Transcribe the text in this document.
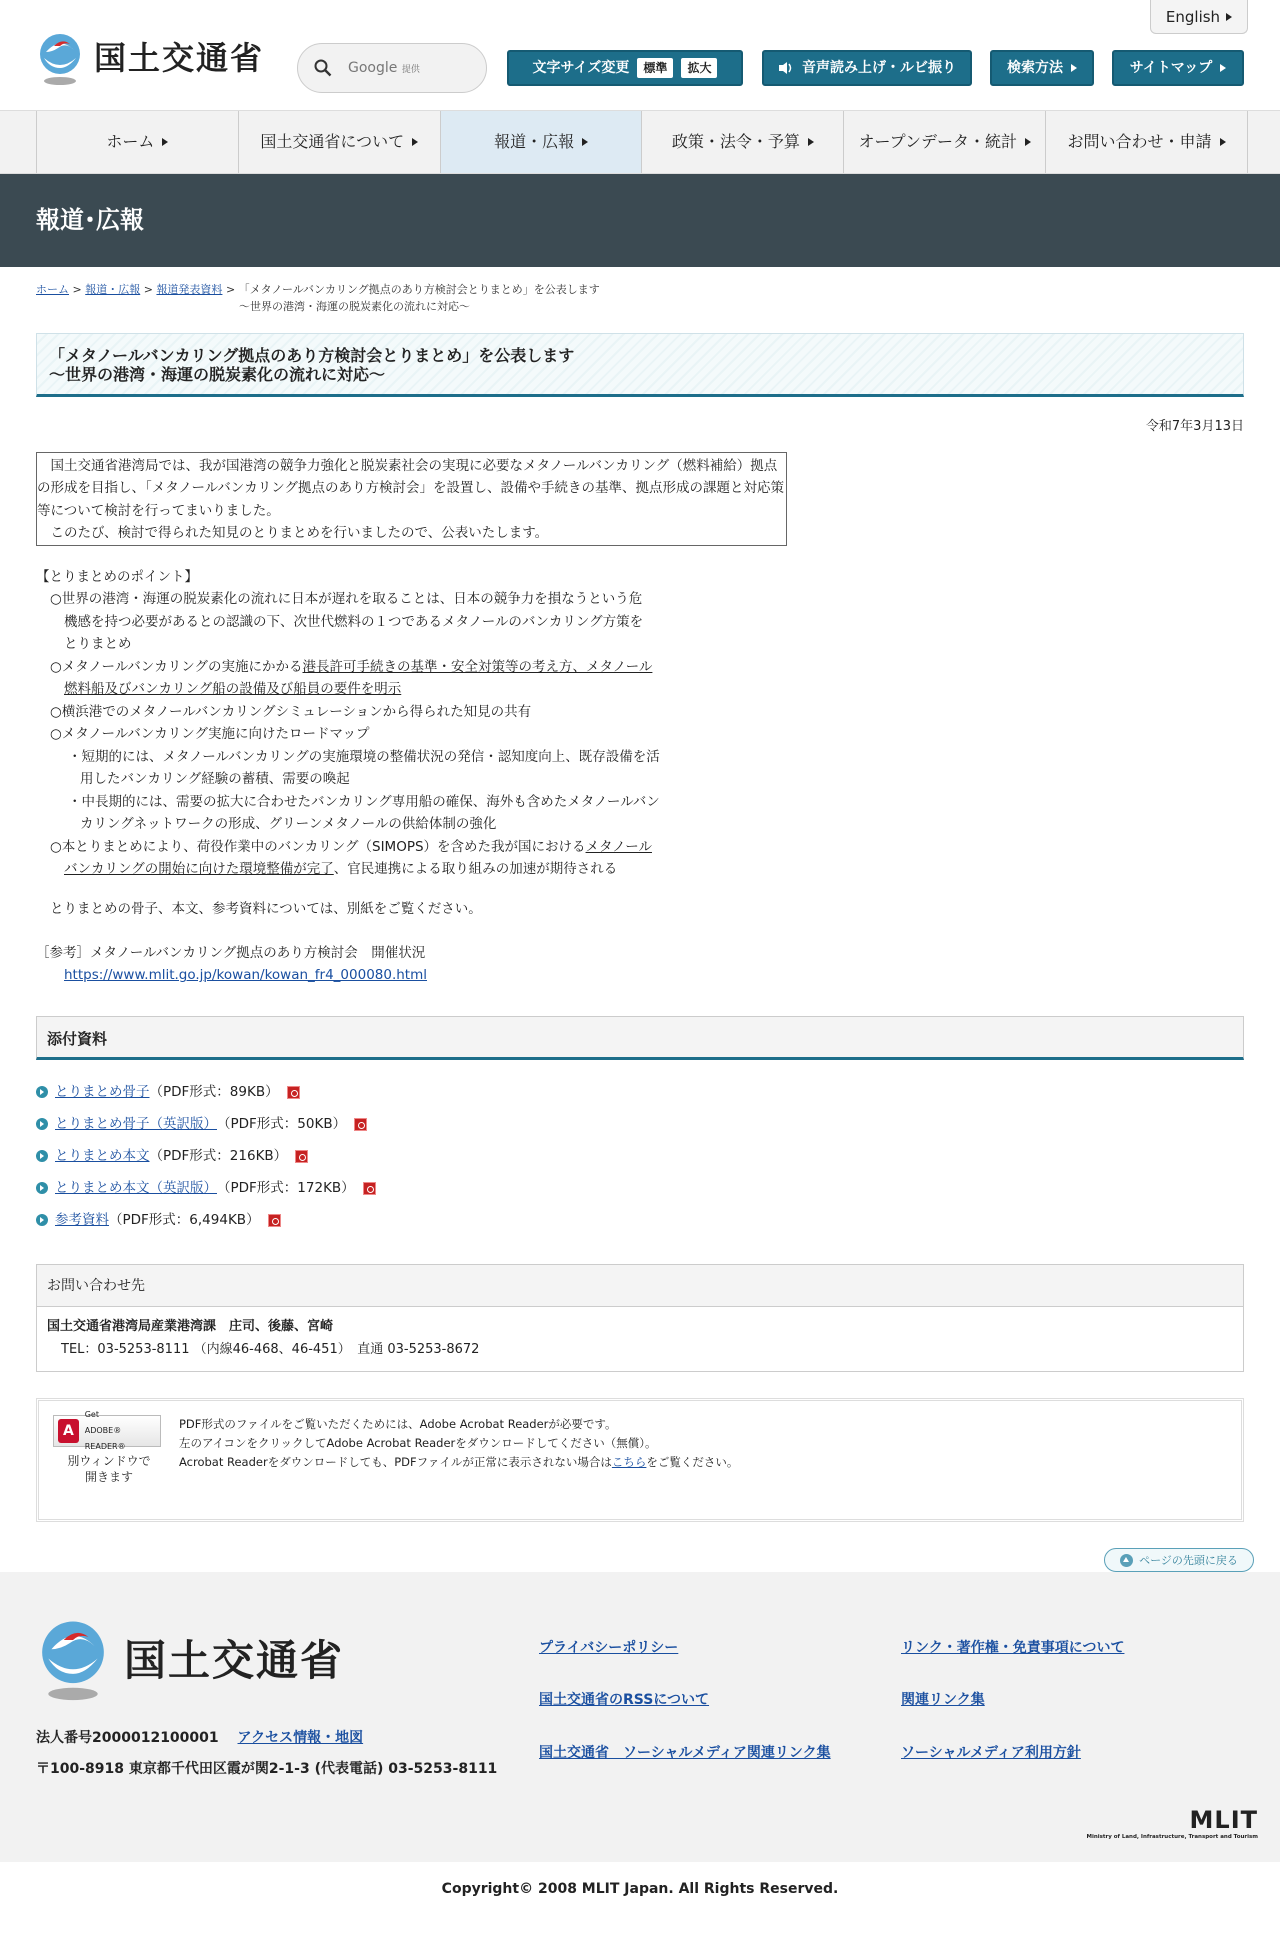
国土交通省
English
Google 提供	文字サイズ変更	標準	拡大	音声読み上げ・ルビ振り	検索方法	サイトマップ
ホーム	国土交通省について	報道・広報	政策・法令・予算	オープンデータ・統計	お問い合わせ・申請
報道･広報
ホーム > 報道・広報 > 報道発表資料 > 「メタノールバンカリング拠点のあり方検討会とりまとめ」を公表します
～世界の港湾・海運の脱炭素化の流れに対応～
「メタノールバンカリング拠点のあり方検討会とりまとめ」を公表します
～世界の港湾・海運の脱炭素化の流れに対応～
令和7年3月13日

国土交通省港湾局では、我が国港湾の競争力強化と脱炭素社会の実現に必要なメタノールバンカリング（燃料補給）拠点の形成を目指し、「メタノールバンカリング拠点のあり方検討会」を設置し、設備や手続きの基準、拠点形成の課題と対応策等について検討を行ってまいりました。

このたび、検討で得られた知見のとりまとめを行いましたので、公表いたします。

【とりまとめのポイント】
○世界の港湾・海運の脱炭素化の流れに日本が遅れを取ることは、日本の競争力を損なうという危機感を持つ必要があるとの認識の下、次世代燃料の１つであるメタノールのバンカリング方策をとりまとめ
○メタノールバンカリングの実施にかかる港長許可手続きの基準・安全対策等の考え方、メタノール燃料船及びバンカリング船の設備及び船員の要件を明示
○横浜港でのメタノールバンカリングシミュレーションから得られた知見の共有
○メタノールバンカリング実施に向けたロードマップ
・短期的には、メタノールバンカリングの実施環境の整備状況の発信・認知度向上、既存設備を活用したバンカリング経験の蓄積、需要の喚起
・中長期的には、需要の拡大に合わせたバンカリング専用船の確保、海外も含めたメタノールバンカリングネットワークの形成、グリーンメタノールの供給体制の強化
○本とりまとめにより、荷役作業中のバンカリング（SIMOPS）を含めた我が国におけるメタノールバンカリングの開始に向けた環境整備が完了、官民連携による取り組みの加速が期待される
とりまとめの骨子、本文、参考資料については、別紙をご覧ください。
［参考］メタノールバンカリング拠点のあり方検討会　開催状況
https://www.mlit.go.jp/kowan/kowan_fr4_000080.html
添付資料
とりまとめ骨子 （PDF形式：89KB）
とりまとめ骨子（英訳版） （PDF形式：50KB）
とりまとめ本文 （PDF形式：216KB）
とりまとめ本文（英訳版） （PDF形式：172KB）
参考資料 （PDF形式：6,494KB）
お問い合わせ先
国土交通省港湾局産業港湾課　庄司、後藤、宮崎
TEL：03-5253-8111 （内線46-468、46-451）　直通 03-5253-8672
A
Get
ADOBE® READER®
別ウィンドウで
開きます
PDF形式のファイルをご覧いただくためには、Adobe Acrobat Readerが必要です。
左のアイコンをクリックしてAdobe Acrobat Readerをダウンロードしてください（無償）。
Acrobat Readerをダウンロードしても、PDFファイルが正常に表示されない場合はこちらをご覧ください。
ページの先頭に戻る
国土交通省
法人番号2000012100001 アクセス情報・地図
〒100-8918 東京都千代田区霞が関2-1-3 (代表電話) 03-5253-8111
プライバシーポリシー	リンク・著作権・免責事項について
国土交通省のRSSについて	関連リンク集
国土交通省　ソーシャルメディア関連リンク集	ソーシャルメディア利用方針
MLIT
Ministry of Land, Infrastructure, Transport and Tourism
Copyright© 2008 MLIT Japan. All Rights Reserved.
